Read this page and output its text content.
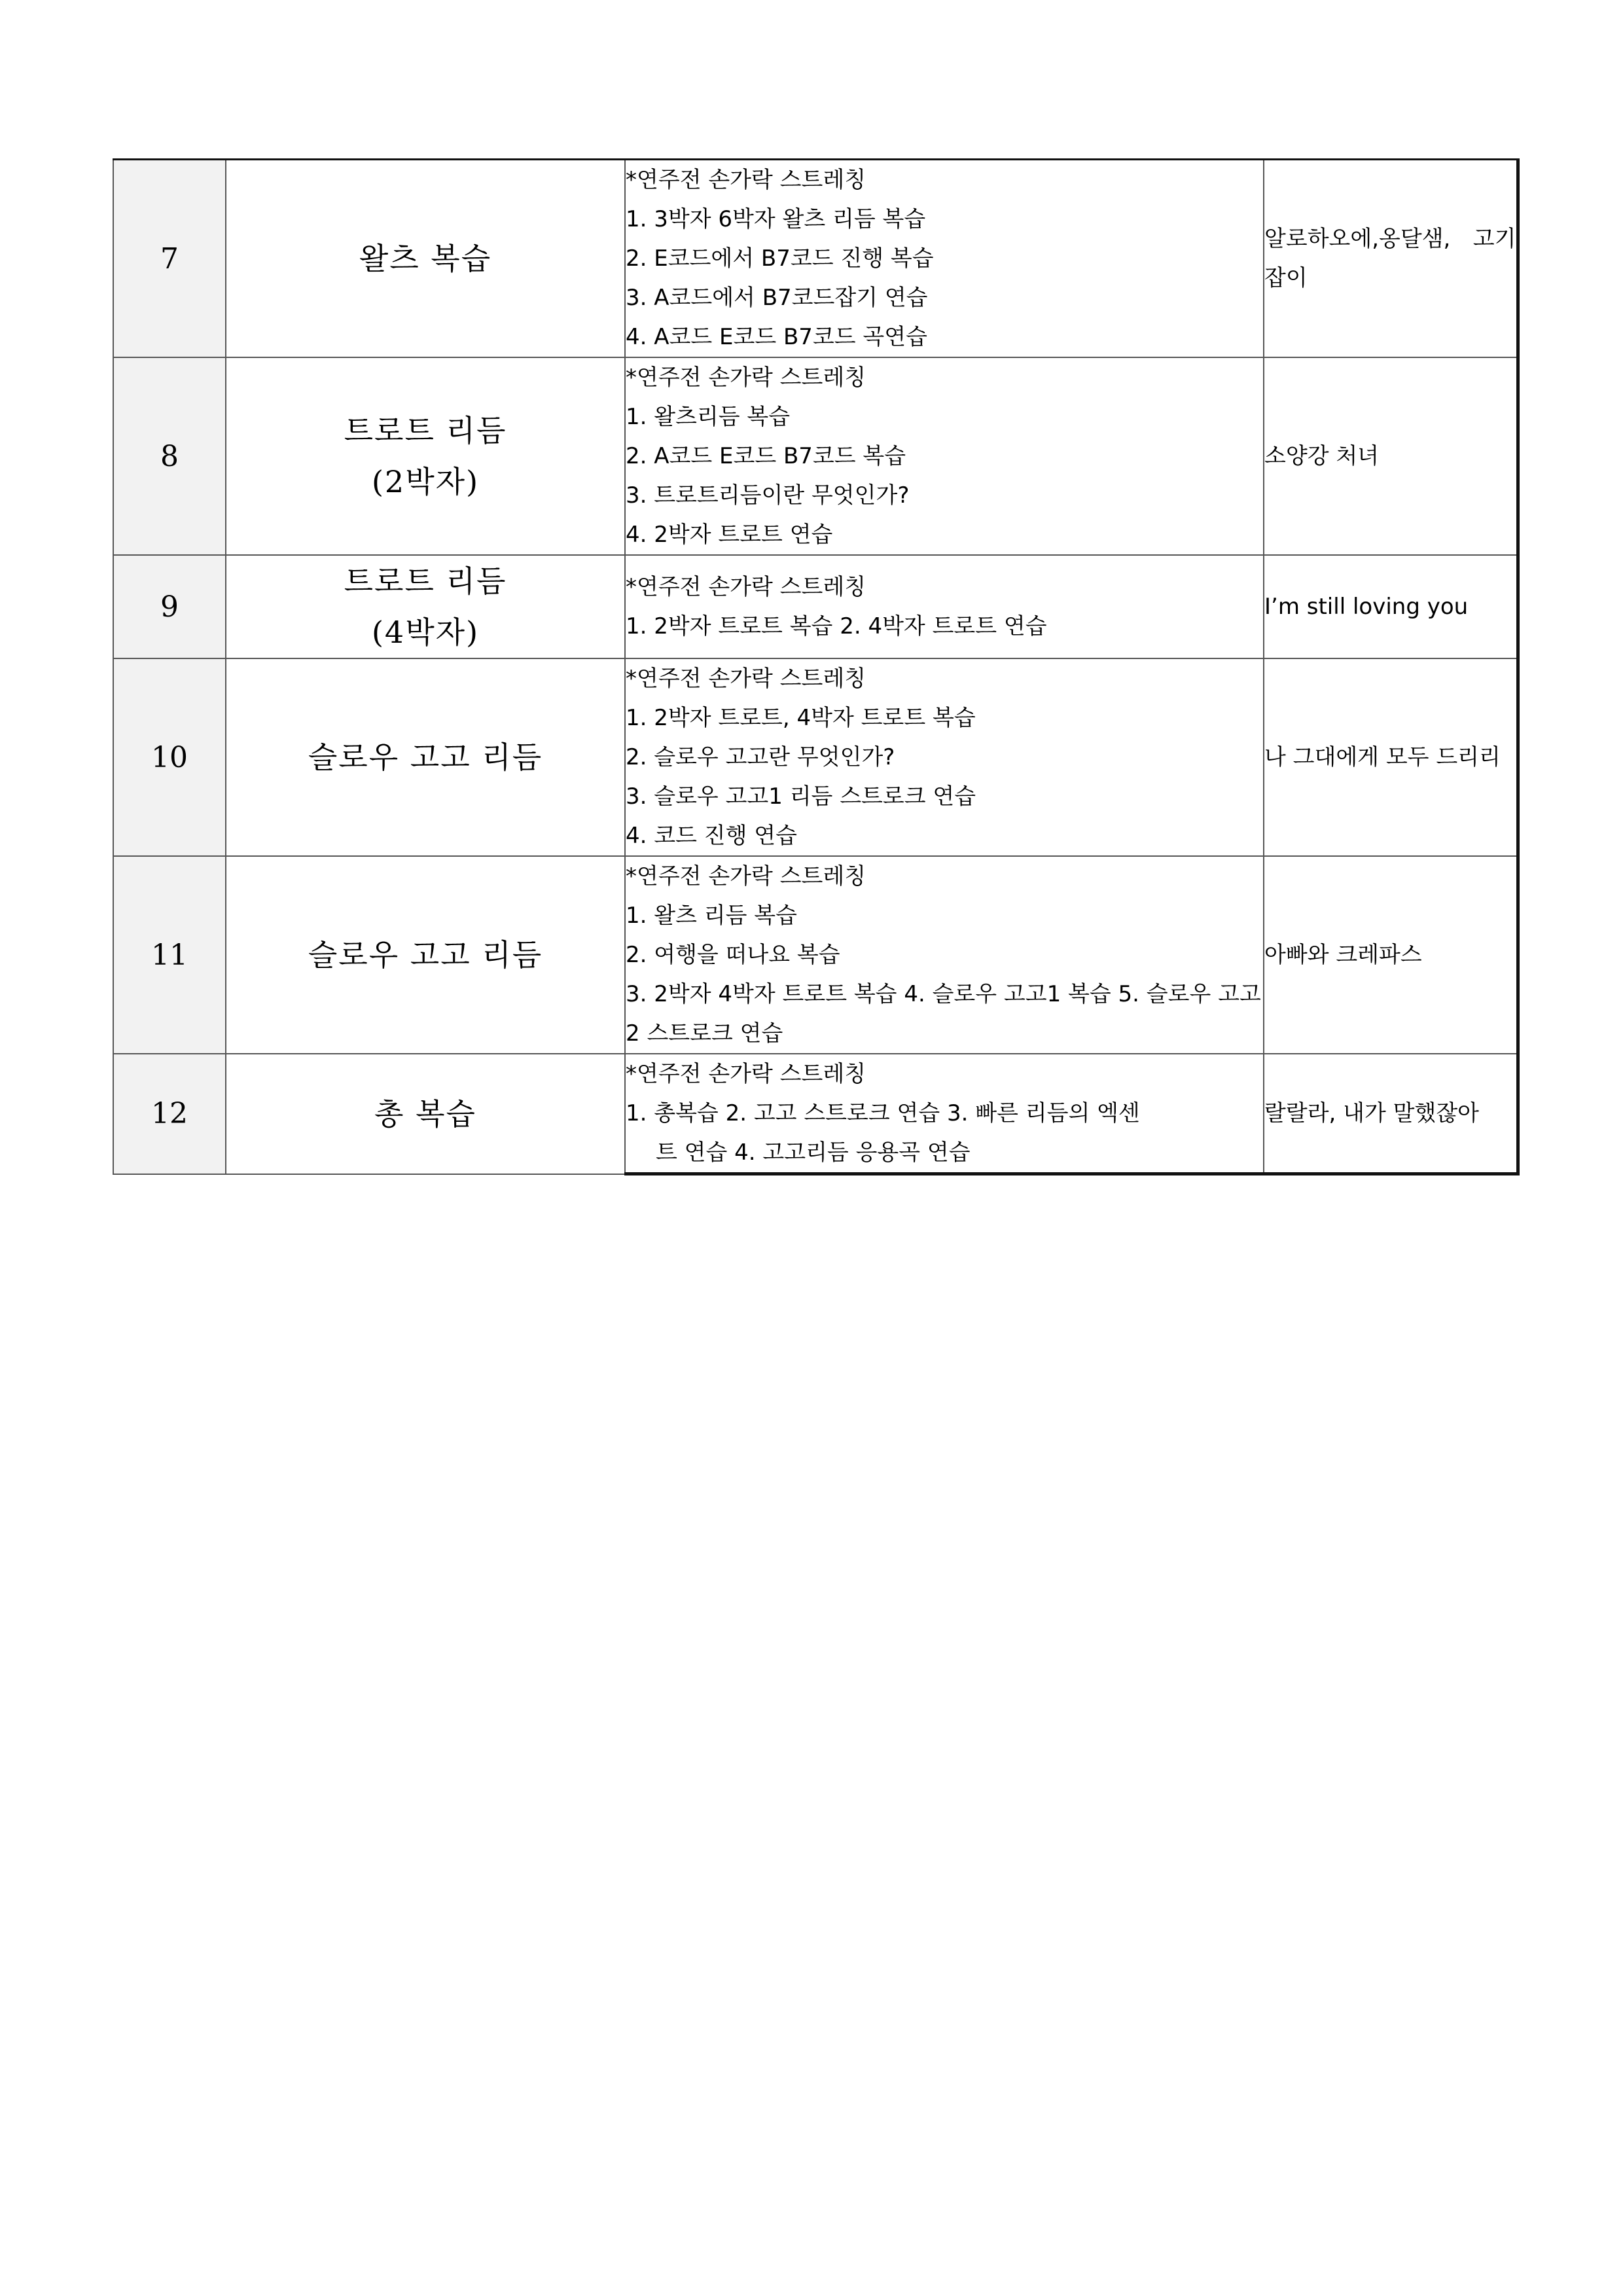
7	왈츠 복습	*연주전 손가락 스트레칭
1. 3박자 6박자 왈츠 리듬 복습
2. E코드에서 B7코드 진행 복습
3. A코드에서 B7코드잡기 연습
4. A코드 E코드 B7코드 곡연습	알로하오에,옹달샘, 고기잡이
8	트로트 리듬
(2박자)	*연주전 손가락 스트레칭
1. 왈츠리듬 복습
2. A코드 E코드 B7코드 복습
3. 트로트리듬이란 무엇인가?
4. 2박자 트로트 연습	소양강 처녀
9	트로트 리듬
(4박자)	*연주전 손가락 스트레칭
1. 2박자 트로트 복습 2. 4박자 트로트 연습	I’m still loving you
10	슬로우 고고 리듬	*연주전 손가락 스트레칭
1. 2박자 트로트, 4박자 트로트 복습
2. 슬로우 고고란 무엇인가?
3. 슬로우 고고1 리듬 스트로크 연습
4. 코드 진행 연습	나 그대에게 모두 드리리
11	슬로우 고고 리듬	*연주전 손가락 스트레칭
1. 왈츠 리듬 복습
2. 여행을 떠나요 복습
3. 2박자 4박자 트로트 복습 4. 슬로우 고고1 복습 5. 슬로우 고고2 스트로크 연습	아빠와 크레파스
12	총 복습	*연주전 손가락 스트레칭
1. 총복습 2. 고고 스트로크 연습 3. 빠른 리듬의 엑센
트 연습 4. 고고리듬 응용곡 연습	랄랄라, 내가 말했잖아
